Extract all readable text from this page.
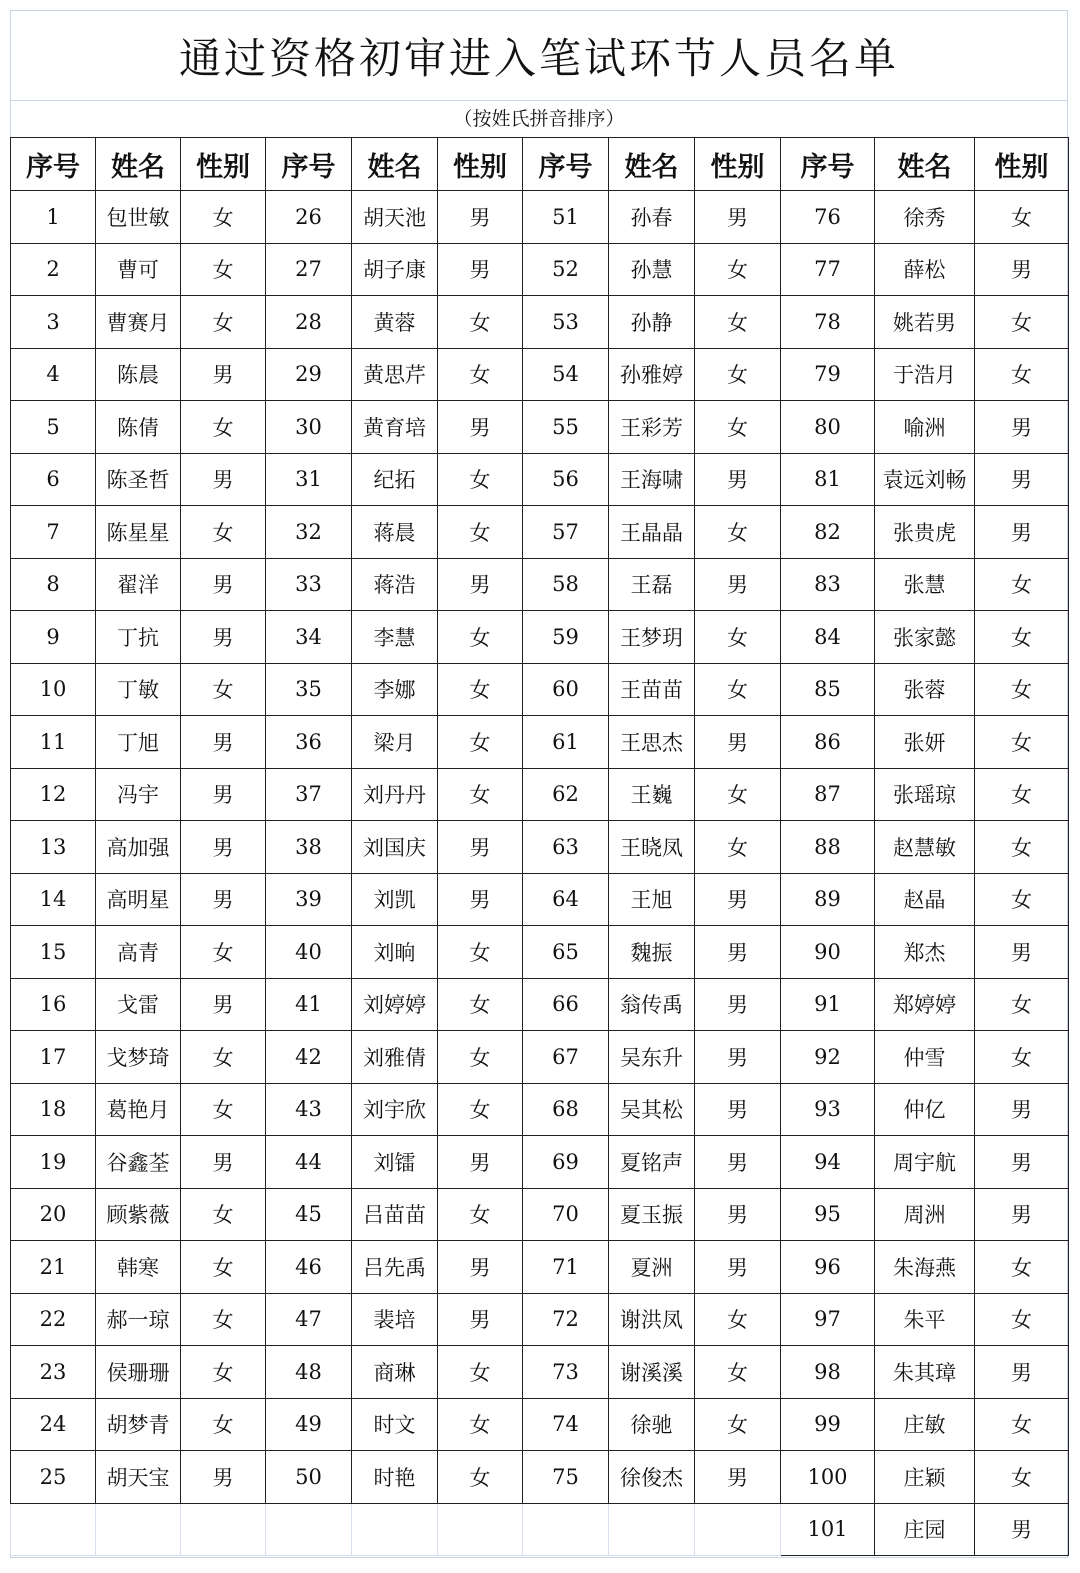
通过资格初审进入笔试环节人员名单
（按姓氏拼音排序）
序号	姓名	性别	序号	姓名	性别	序号	姓名	性别	序号	姓名	性别
1	包世敏	女	26	胡天池	男	51	孙春	男	76	徐秀	女
2	曹可	女	27	胡子康	男	52	孙慧	女	77	薛松	男
3	曹赛月	女	28	黄蓉	女	53	孙静	女	78	姚若男	女
4	陈晨	男	29	黄思芹	女	54	孙雅婷	女	79	于浩月	女
5	陈倩	女	30	黄育培	男	55	王彩芳	女	80	喻洲	男
6	陈圣哲	男	31	纪拓	女	56	王海啸	男	81	袁远刘畅	男
7	陈星星	女	32	蒋晨	女	57	王晶晶	女	82	张贵虎	男
8	翟洋	男	33	蒋浩	男	58	王磊	男	83	张慧	女
9	丁抗	男	34	李慧	女	59	王梦玥	女	84	张家懿	女
10	丁敏	女	35	李娜	女	60	王苗苗	女	85	张蓉	女
11	丁旭	男	36	梁月	女	61	王思杰	男	86	张妍	女
12	冯宇	男	37	刘丹丹	女	62	王巍	女	87	张瑶琼	女
13	高加强	男	38	刘国庆	男	63	王晓凤	女	88	赵慧敏	女
14	高明星	男	39	刘凯	男	64	王旭	男	89	赵晶	女
15	高青	女	40	刘晌	女	65	魏振	男	90	郑杰	男
16	戈雷	男	41	刘婷婷	女	66	翁传禹	男	91	郑婷婷	女
17	戈梦琦	女	42	刘雅倩	女	67	吴东升	男	92	仲雪	女
18	葛艳月	女	43	刘宇欣	女	68	吴其松	男	93	仲亿	男
19	谷鑫荃	男	44	刘镭	男	69	夏铭声	男	94	周宇航	男
20	顾紫薇	女	45	吕苗苗	女	70	夏玉振	男	95	周洲	男
21	韩寒	女	46	吕先禹	男	71	夏洲	男	96	朱海燕	女
22	郝一琼	女	47	裴培	男	72	谢洪凤	女	97	朱平	女
23	侯珊珊	女	48	商琳	女	73	谢溪溪	女	98	朱其璋	男
24	胡梦青	女	49	时文	女	74	徐驰	女	99	庄敏	女
25	胡天宝	男	50	时艳	女	75	徐俊杰	男	100	庄颖	女
									101	庄园	男
